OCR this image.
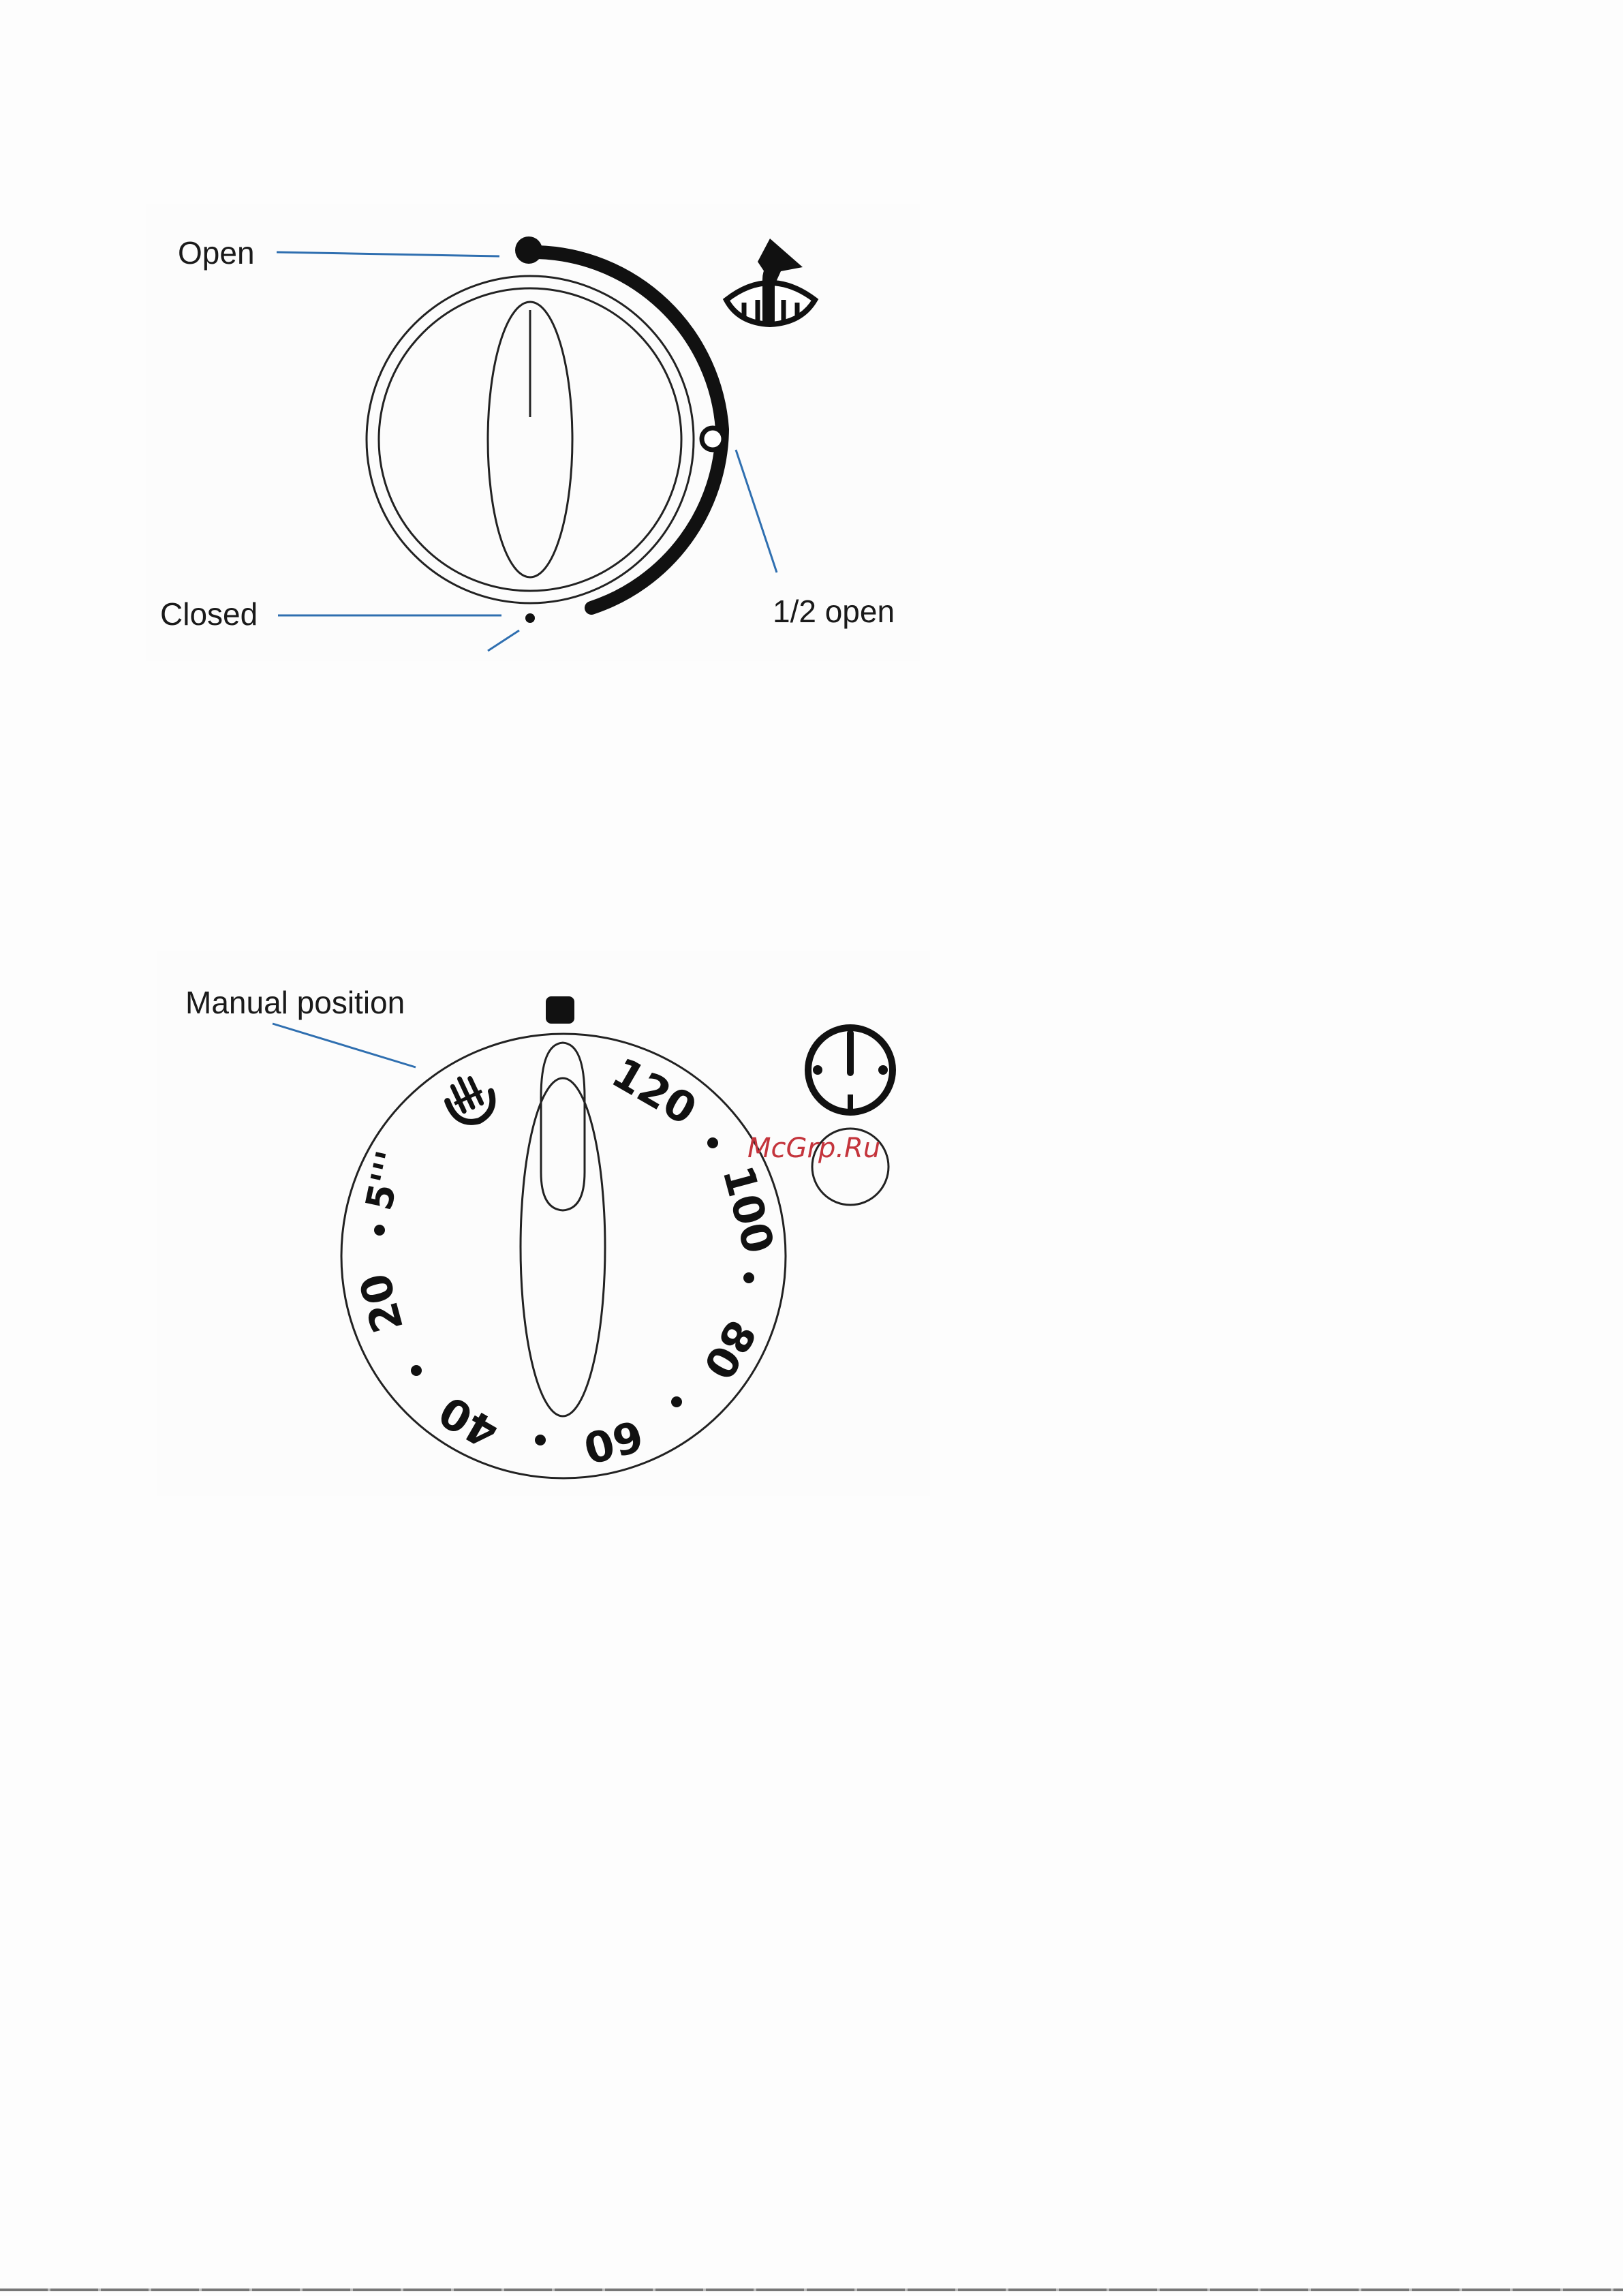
120
100
80
60
40
20
5'''
Open
Closed	1/2 open
Manual position
McGrp.Ru
